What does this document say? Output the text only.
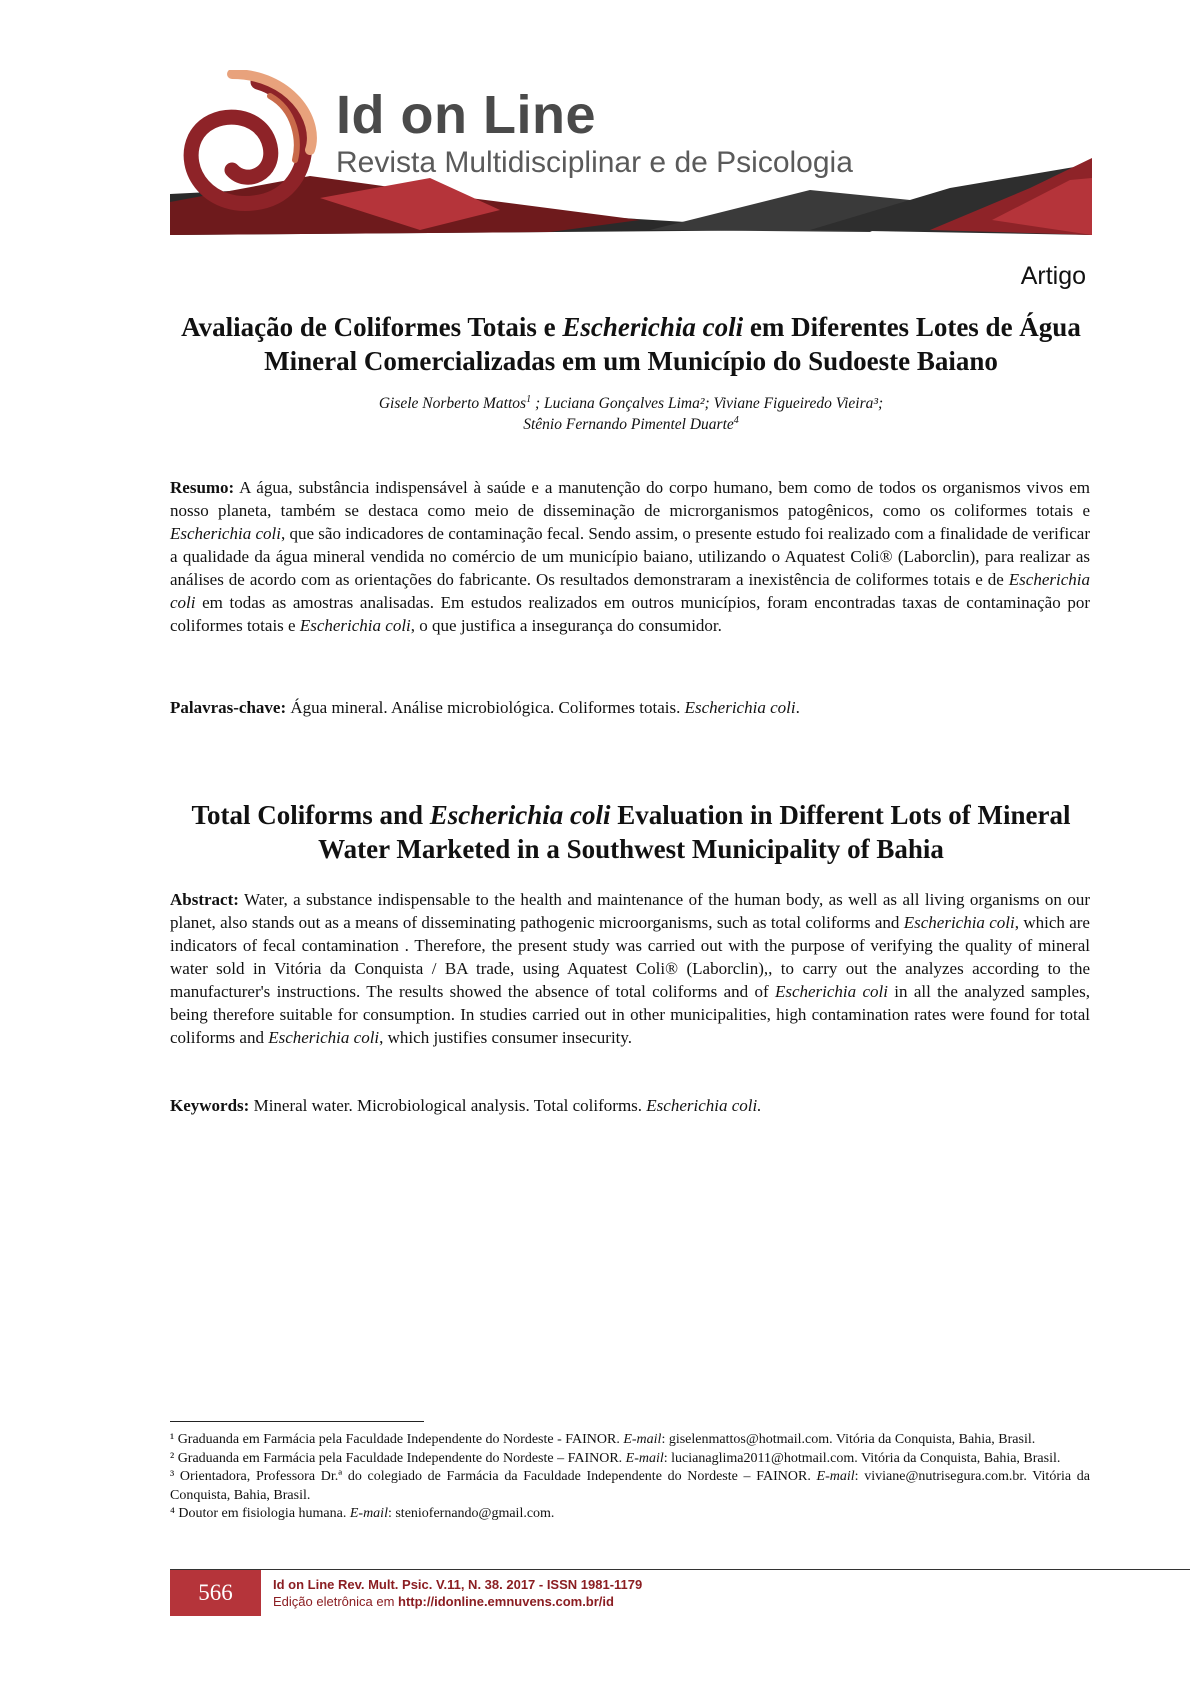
Id on Line
Revista Multidisciplinar e de Psicologia
Artigo
Avaliação de Coliformes Totais e Escherichia coli em Diferentes Lotes de Água Mineral Comercializadas em um Município do Sudoeste Baiano
Gisele Norberto Mattos$^1$ ; Luciana Gonçalves Lima²; Viviane Figueiredo Vieira³;
Stênio Fernando Pimentel Duarte$^4$
Resumo: A água, substância indispensável à saúde e a manutenção do corpo humano, bem como de todos os organismos vivos em nosso planeta, também se destaca como meio de disseminação de microrganismos patogênicos, como os coliformes totais e Escherichia coli, que são indicadores de contaminação fecal. Sendo assim, o presente estudo foi realizado com a finalidade de verificar a qualidade da água mineral vendida no comércio de um município baiano, utilizando o Aquatest Coli® (Laborclin), para realizar as análises de acordo com as orientações do fabricante. Os resultados demonstraram a inexistência de coliformes totais e de Escherichia coli em todas as amostras analisadas. Em estudos realizados em outros municípios, foram encontradas taxas de contaminação por coliformes totais e Escherichia coli, o que justifica a insegurança do consumidor.
Palavras-chave: Água mineral. Análise microbiológica. Coliformes totais. Escherichia coli.
Total Coliforms and Escherichia coli Evaluation in Different Lots of Mineral Water Marketed in a Southwest Municipality of Bahia
Abstract: Water, a substance indispensable to the health and maintenance of the human body, as well as all living organisms on our planet, also stands out as a means of disseminating pathogenic microorganisms, such as total coliforms and Escherichia coli, which are indicators of fecal contamination . Therefore, the present study was carried out with the purpose of verifying the quality of mineral water sold in Vitória da Conquista / BA trade, using Aquatest Coli® (Laborclin),, to carry out the analyzes according to the manufacturer's instructions. The results showed the absence of total coliforms and of Escherichia coli in all the analyzed samples, being therefore suitable for consumption. In studies carried out in other municipalities, high contamination rates were found for total coliforms and Escherichia coli, which justifies consumer insecurity.
Keywords: Mineral water. Microbiological analysis. Total coliforms. Escherichia coli.

¹ Graduanda em Farmácia pela Faculdade Independente do Nordeste - FAINOR. E-mail: giselenmattos@hotmail.com. Vitória da Conquista, Bahia, Brasil.

² Graduanda em Farmácia pela Faculdade Independente do Nordeste – FAINOR. E-mail: lucianaglima2011@hotmail.com. Vitória da Conquista, Bahia, Brasil.

³ Orientadora, Professora Dr.ª do colegiado de Farmácia da Faculdade Independente do Nordeste – FAINOR. E-mail: viviane@nutrisegura.com.br. Vitória da Conquista, Bahia, Brasil.

⁴ Doutor em fisiologia humana. E-mail: steniofernando@gmail.com.

566	Id on Line Rev. Mult. Psic. V.11, N. 38. 2017 - ISSN 1981-1179
Edição eletrônica em http://idonline.emnuvens.com.br/id
